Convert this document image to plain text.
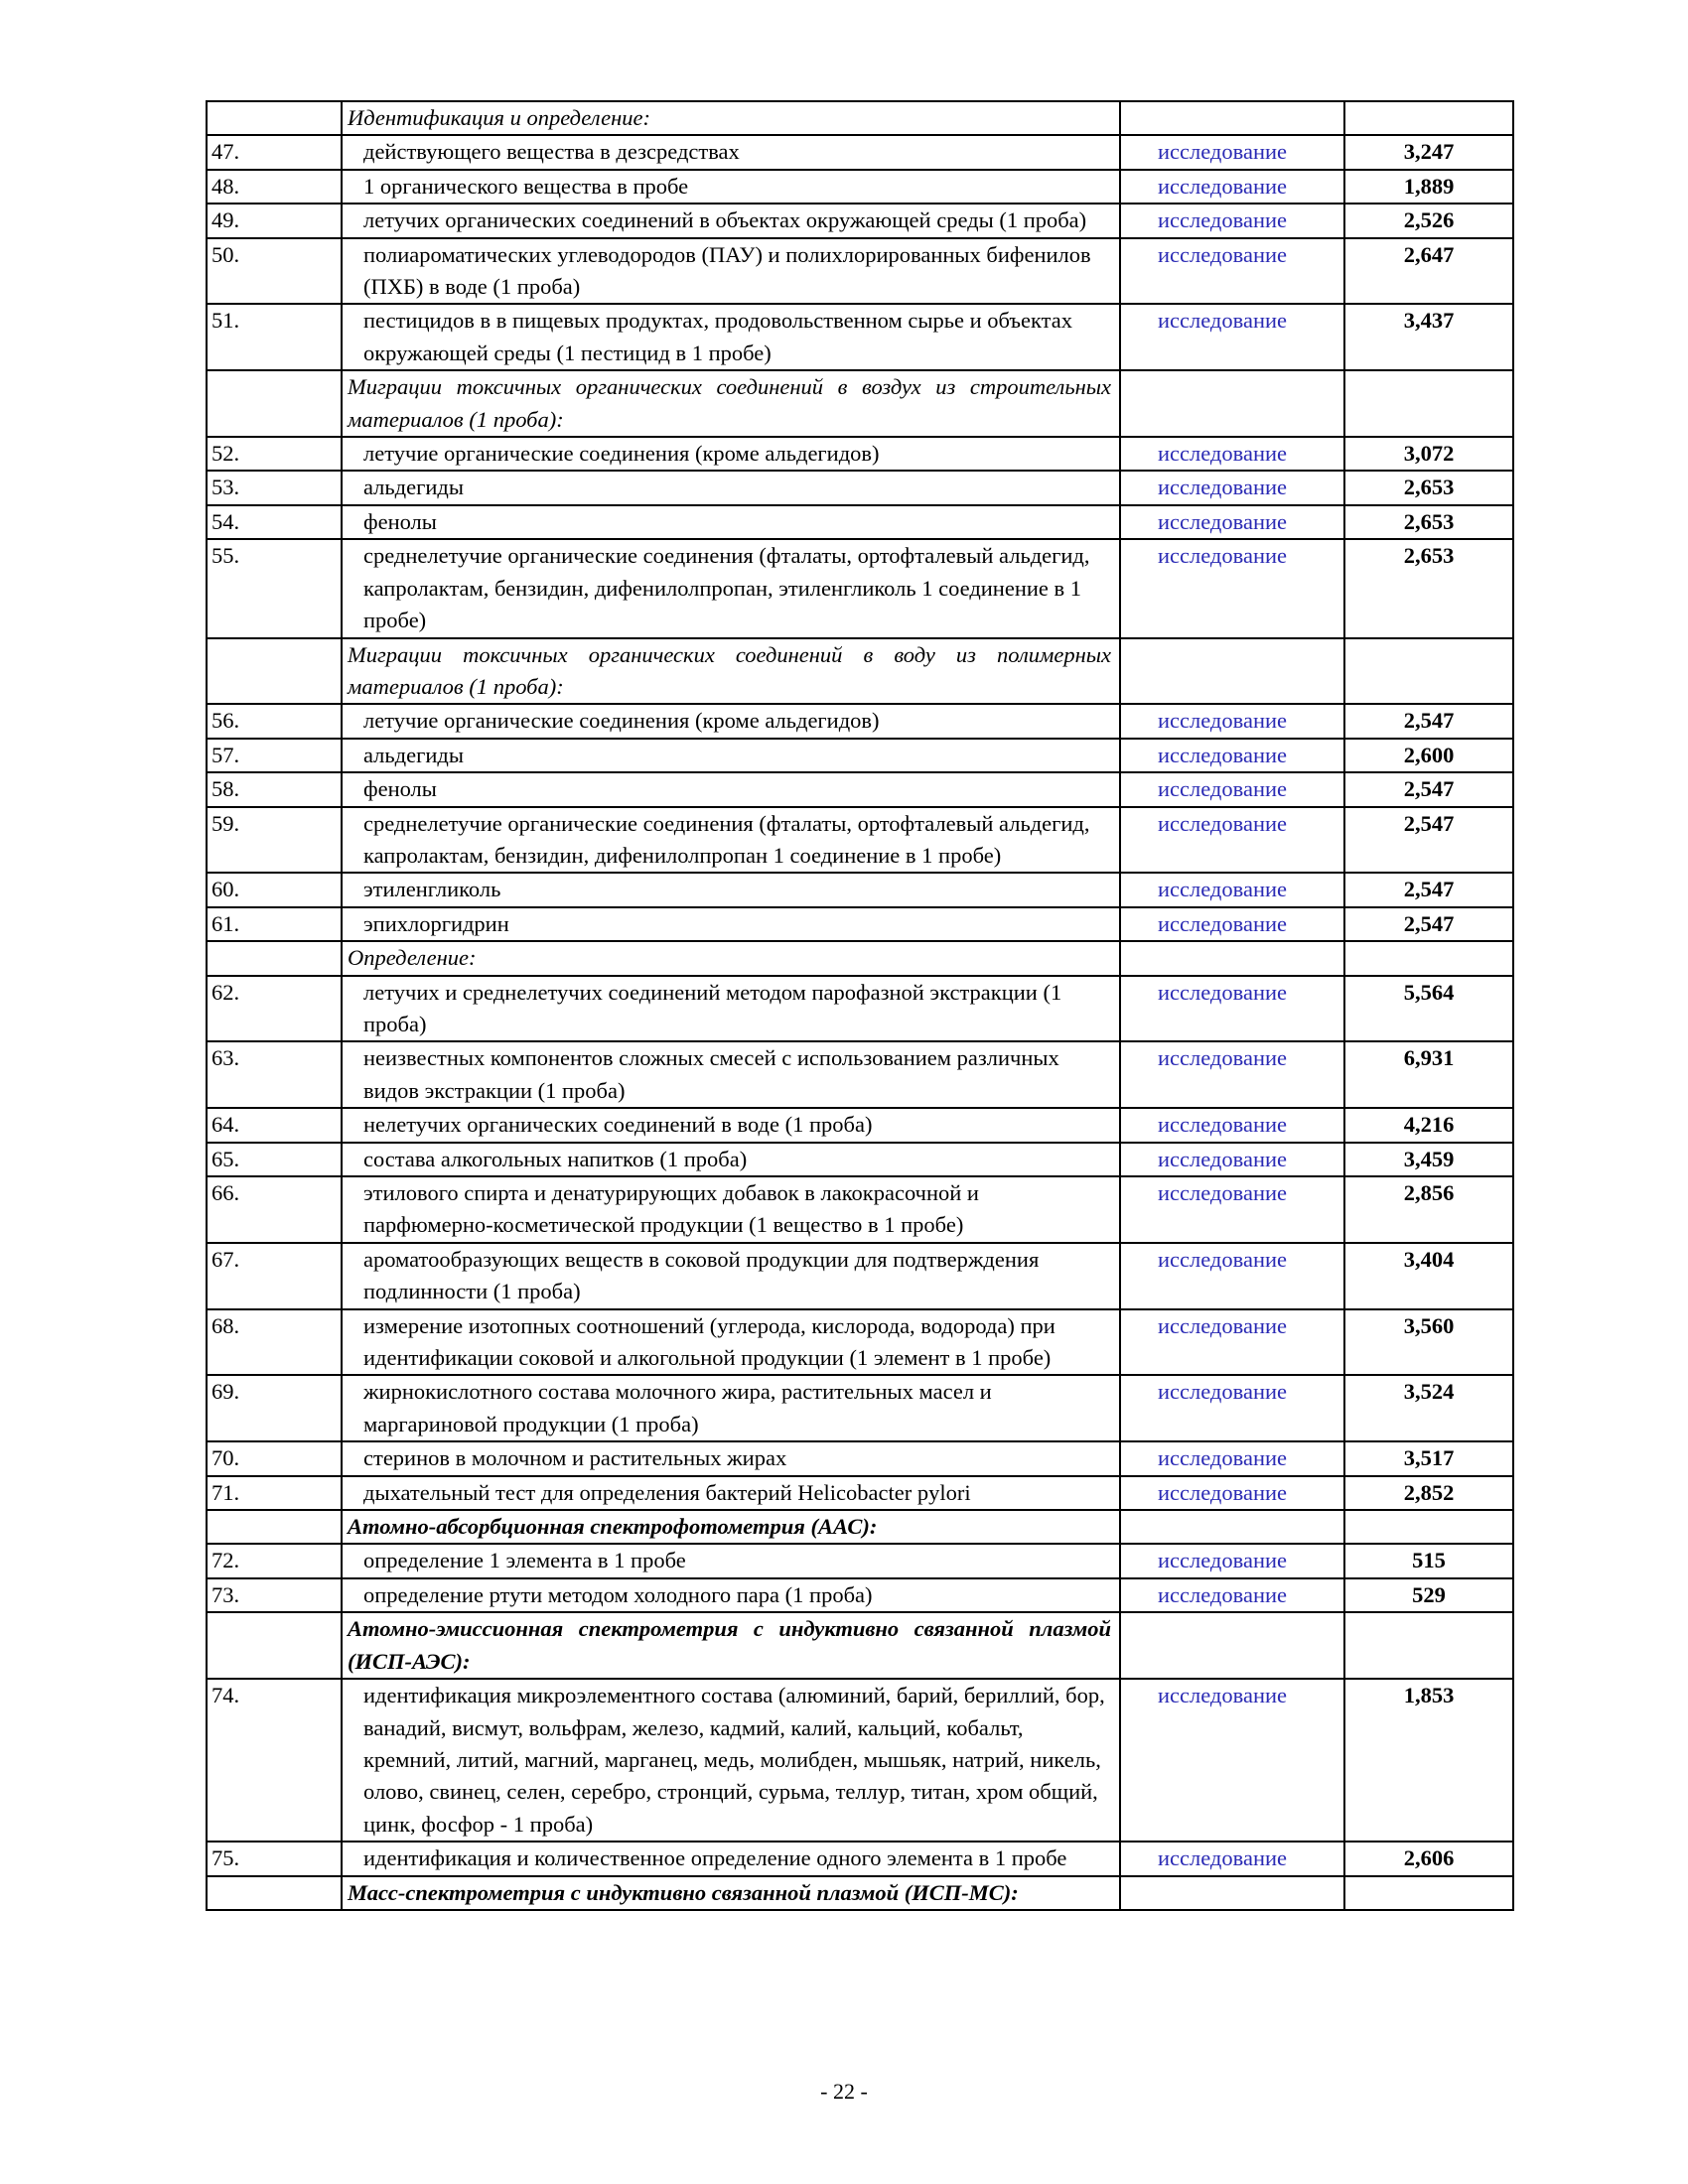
	Идентификация и определение:		
47.	действующего вещества в дезсредствах	исследование	3,247
48.	1 органического вещества в пробе	исследование	1,889
49.	летучих органических соединений в объектах окружающей среды (1 проба)	исследование	2,526
50.	полиароматических углеводородов (ПАУ) и полихлорированных бифенилов (ПХБ) в воде (1 проба)	исследование	2,647
51.	пестицидов в в пищевых продуктах, продовольственном сырье и объектах окружающей среды (1 пестицид в 1 пробе)	исследование	3,437
	Миграции токсичных органических соединений в воздух из строительных материалов (1 проба):		
52.	летучие органические соединения (кроме альдегидов)	исследование	3,072
53.	альдегиды	исследование	2,653
54.	фенолы	исследование	2,653
55.	среднелетучие органические соединения (фталаты, ортофталевый альдегид, капролактам, бензидин, дифенилолпропан, этиленгликоль 1 соединение в 1 пробе)	исследование	2,653
	Миграции токсичных органических соединений в воду из полимерных материалов (1 проба):		
56.	летучие органические соединения (кроме альдегидов)	исследование	2,547
57.	альдегиды	исследование	2,600
58.	фенолы	исследование	2,547
59.	среднелетучие органические соединения (фталаты, ортофталевый альдегид, капролактам, бензидин, дифенилолпропан 1 соединение в 1 пробе)	исследование	2,547
60.	этиленгликоль	исследование	2,547
61.	эпихлоргидрин	исследование	2,547
	Определение:		
62.	летучих и среднелетучих соединений методом парофазной экстракции (1 проба)	исследование	5,564
63.	неизвестных компонентов сложных смесей с использованием различных видов экстракции (1 проба)	исследование	6,931
64.	нелетучих органических соединений в воде (1 проба)	исследование	4,216
65.	состава алкогольных напитков (1 проба)	исследование	3,459
66.	этилового спирта и денатурирующих добавок в лакокрасочной и парфюмерно-косметической продукции (1 вещество в 1 пробе)	исследование	2,856
67.	ароматообразующих веществ в соковой продукции для подтверждения подлинности (1 проба)	исследование	3,404
68.	измерение изотопных соотношений (углерода, кислорода, водорода) при идентификации соковой и алкогольной продукции (1 элемент в 1 пробе)	исследование	3,560
69.	жирнокислотного состава молочного жира, растительных масел и маргариновой продукции (1 проба)	исследование	3,524
70.	стеринов в молочном и растительных жирах	исследование	3,517
71.	дыхательный тест для определения бактерий Helicobacter pylori	исследование	2,852
	Атомно-абсорбционная спектрофотометрия (ААС):		
72.	определение 1 элемента в 1 пробе	исследование	515
73.	определение ртути методом холодного пара (1 проба)	исследование	529
	Атомно-эмиссионная спектрометрия с индуктивно связанной плазмой (ИСП-АЭС):		
74.	идентификация микроэлементного состава (алюминий, барий, бериллий, бор, ванадий, висмут, вольфрам, железо, кадмий, калий, кальций, кобальт, кремний, литий, магний, марганец, медь, молибден, мышьяк, натрий, никель, олово, свинец, селен, серебро, стронций, сурьма, теллур, титан, хром общий, цинк, фосфор - 1 проба)	исследование	1,853
75.	идентификация и количественное определение одного элемента в 1 пробе	исследование	2,606
	Масс-спектрометрия с индуктивно связанной плазмой (ИСП-МС):		
- 22 -
